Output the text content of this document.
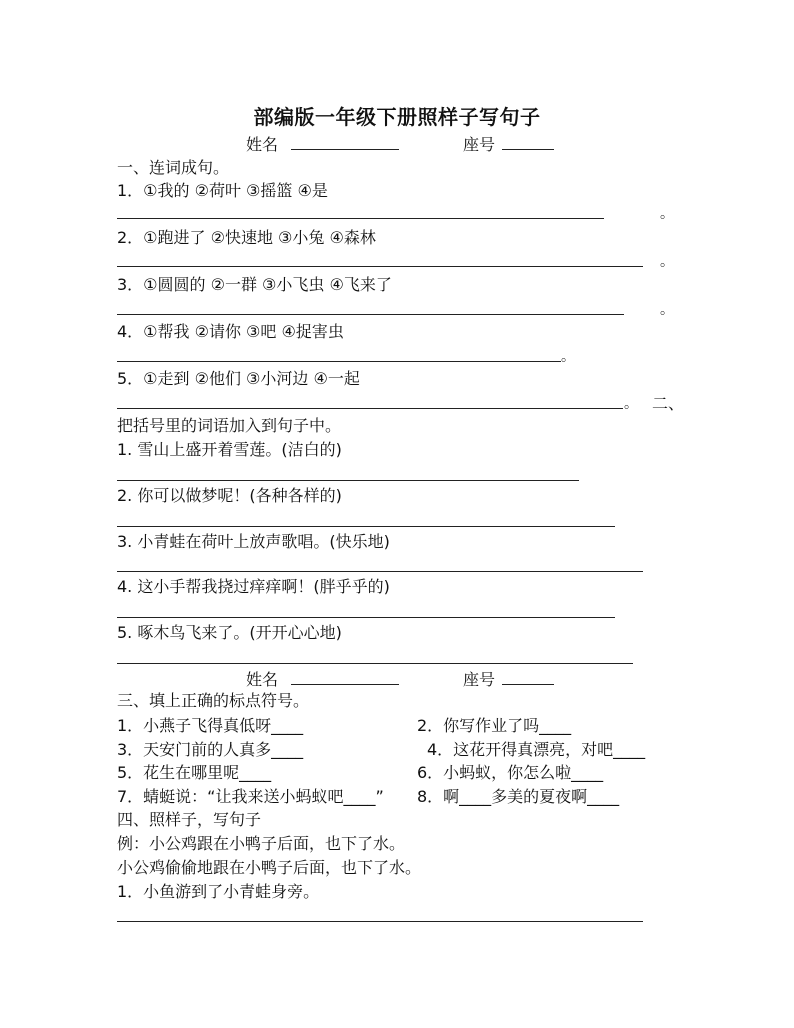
部编版一年级下册照样子写句子
姓名	座号
一、连词成句。
1．①我的 ②荷叶 ③摇篮 ④是
。
2．①跑进了 ②快速地 ③小兔 ④森林
。
3．①圆圆的 ②一群 ③小飞虫 ④飞来了
。
4．①帮我 ②请你 ③吧 ④捉害虫
。
5．①走到 ②他们 ③小河边 ④一起
。 二、
把括号里的词语加入到句子中。
1. 雪山上盛开着雪莲。(洁白的)
2. 你可以做梦呢！(各种各样的)
3. 小青蛙在荷叶上放声歌唱。(快乐地)
4. 这小手帮我挠过痒痒啊！(胖乎乎的)
5. 啄木鸟飞来了。(开开心心地)
姓名	座号
三、填上正确的标点符号。
1．小燕子飞得真低呀____	2．你写作业了吗____
3．天安门前的人真多____	4．这花开得真漂亮，对吧____
5．花生在哪里呢____	6．小蚂蚁，你怎么啦____
7．蜻蜓说：“让我来送小蚂蚁吧____” 8．啊____多美的夏夜啊____
四、照样子，写句子
例：小公鸡跟在小鸭子后面，也下了水。
小公鸡偷偷地跟在小鸭子后面，也下了水。
1．小鱼游到了小青蛙身旁。
